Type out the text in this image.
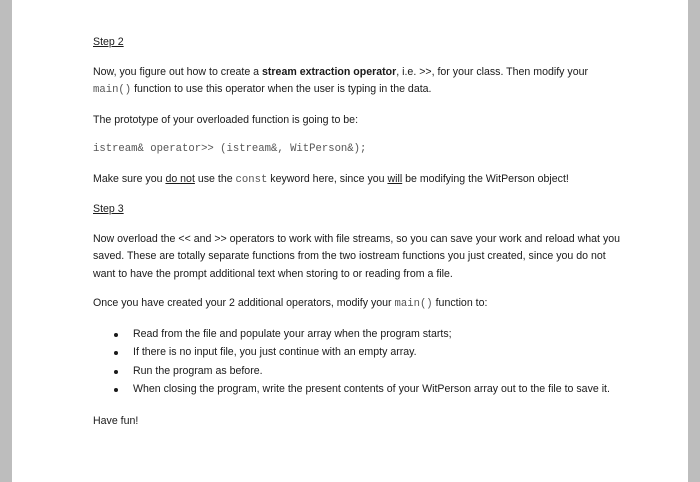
Step 2

Now, you figure out how to create a stream extraction operator, i.e. >>, for your class. Then modify your main() function to use this operator when the user is typing in the data.

The prototype of your overloaded function is going to be:

istream& operator>> (istream&, WitPerson&);

Make sure you do not use the const keyword here, since you will be modifying the WitPerson object!

Step 3

Now overload the << and >> operators to work with file streams, so you can save your work and reload what you saved. These are totally separate functions from the two iostream functions you just created, since you do not want to have the prompt additional text when storing to or reading from a file.

Once you have created your 2 additional operators, modify your main() function to:

Read from the file and populate your array when the program starts;
If there is no input file, you just continue with an empty array.
Run the program as before.
When closing the program, write the present contents of your WitPerson array out to the file to save it.

Have fun!
